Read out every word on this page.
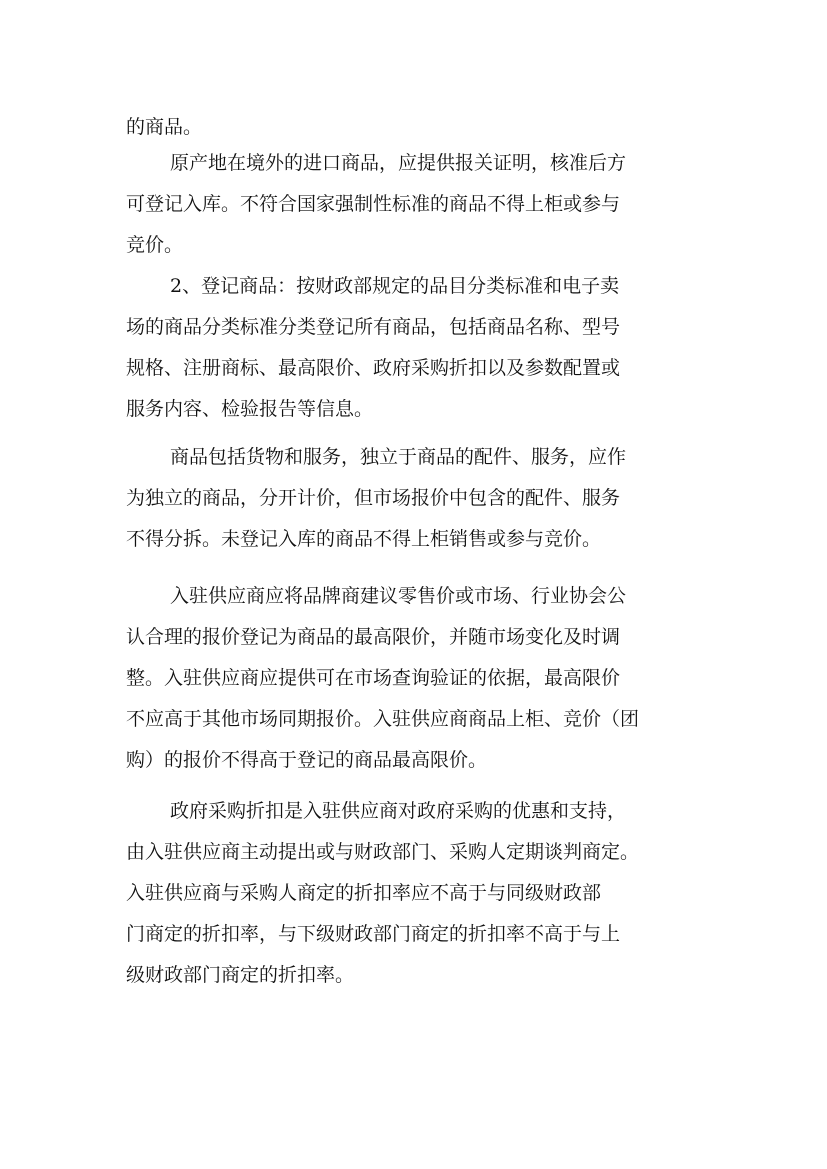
的商品。
原产地在境外的进口商品，应提供报关证明，核准后方
可登记入库。不符合国家强制性标准的商品不得上柜或参与
竞价。
2、登记商品：按财政部规定的品目分类标准和电子卖
场的商品分类标准分类登记所有商品，包括商品名称、型号
规格、注册商标、最高限价、政府采购折扣以及参数配置或
服务内容、检验报告等信息。
商品包括货物和服务，独立于商品的配件、服务，应作
为独立的商品，分开计价，但市场报价中包含的配件、服务
不得分拆。未登记入库的商品不得上柜销售或参与竞价。
入驻供应商应将品牌商建议零售价或市场、行业协会公
认合理的报价登记为商品的最高限价，并随市场变化及时调
整。入驻供应商应提供可在市场查询验证的依据，最高限价
不应高于其他市场同期报价。入驻供应商商品上柜、竞价（团
购）的报价不得高于登记的商品最高限价。
政府采购折扣是入驻供应商对政府采购的优惠和支持，
由入驻供应商主动提出或与财政部门、采购人定期谈判商定。
入驻供应商与采购人商定的折扣率应不高于与同级财政部
门商定的折扣率，与下级财政部门商定的折扣率不高于与上
级财政部门商定的折扣率。
